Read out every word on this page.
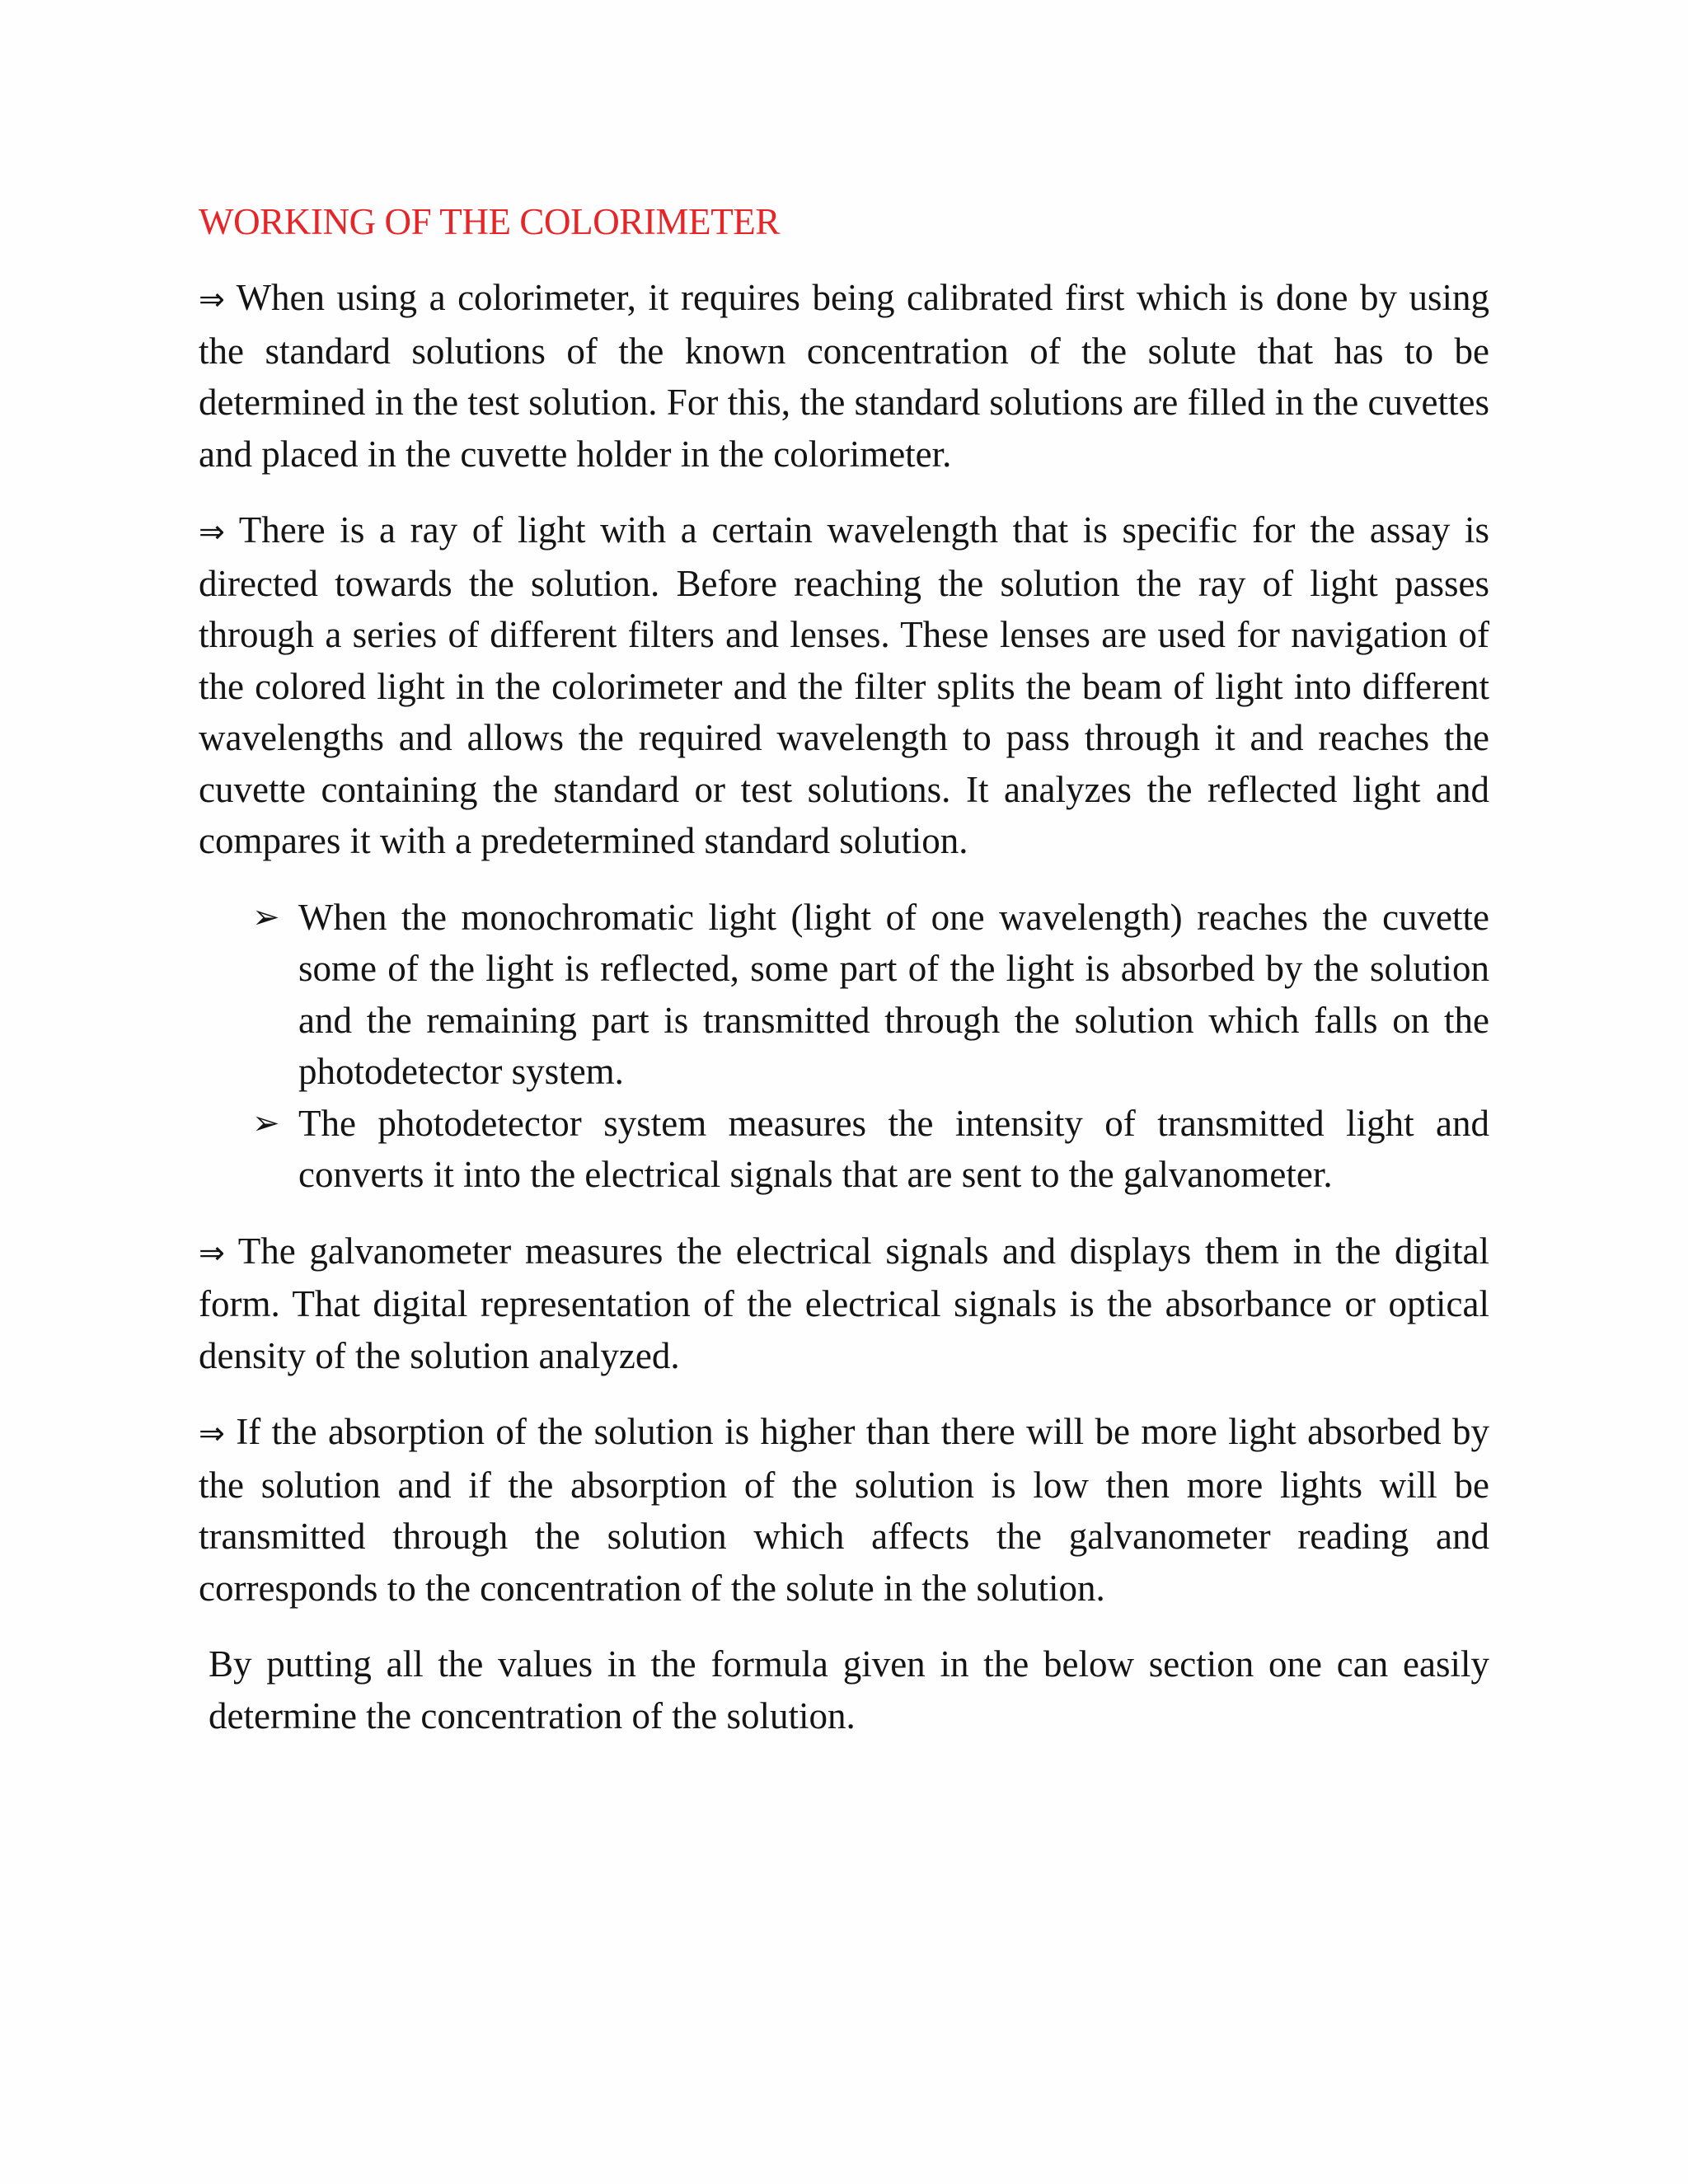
WORKING OF THE COLORIMETER

⇒ When using a colorimeter, it requires being calibrated first which is done by using the standard solutions of the known concentration of the solute that has to be determined in the test solution. For this, the standard solutions are filled in the cuvettes and placed in the cuvette holder in the colorimeter.

⇒ There is a ray of light with a certain wavelength that is specific for the assay is directed towards the solution. Before reaching the solution the ray of light passes through a series of different filters and lenses. These lenses are used for navigation of the colored light in the colorimeter and the filter splits the beam of light into different wavelengths and allows the required wavelength to pass through it and reaches the cuvette containing the standard or test solutions. It analyzes the reflected light and compares it with a predetermined standard solution.

➢ When the monochromatic light (light of one wavelength) reaches the cuvette some of the light is reflected, some part of the light is absorbed by the solution and the remaining part is transmitted through the solution which falls on the photodetector system.
➢ The photodetector system measures the intensity of transmitted light and converts it into the electrical signals that are sent to the galvanometer.

⇒ The galvanometer measures the electrical signals and displays them in the digital form. That digital representation of the electrical signals is the absorbance or optical density of the solution analyzed.

⇒ If the absorption of the solution is higher than there will be more light absorbed by the solution and if the absorption of the solution is low then more lights will be transmitted through the solution which affects the galvanometer reading and corresponds to the concentration of the solute in the solution.

By putting all the values in the formula given in the below section one can easily determine the concentration of the solution.
